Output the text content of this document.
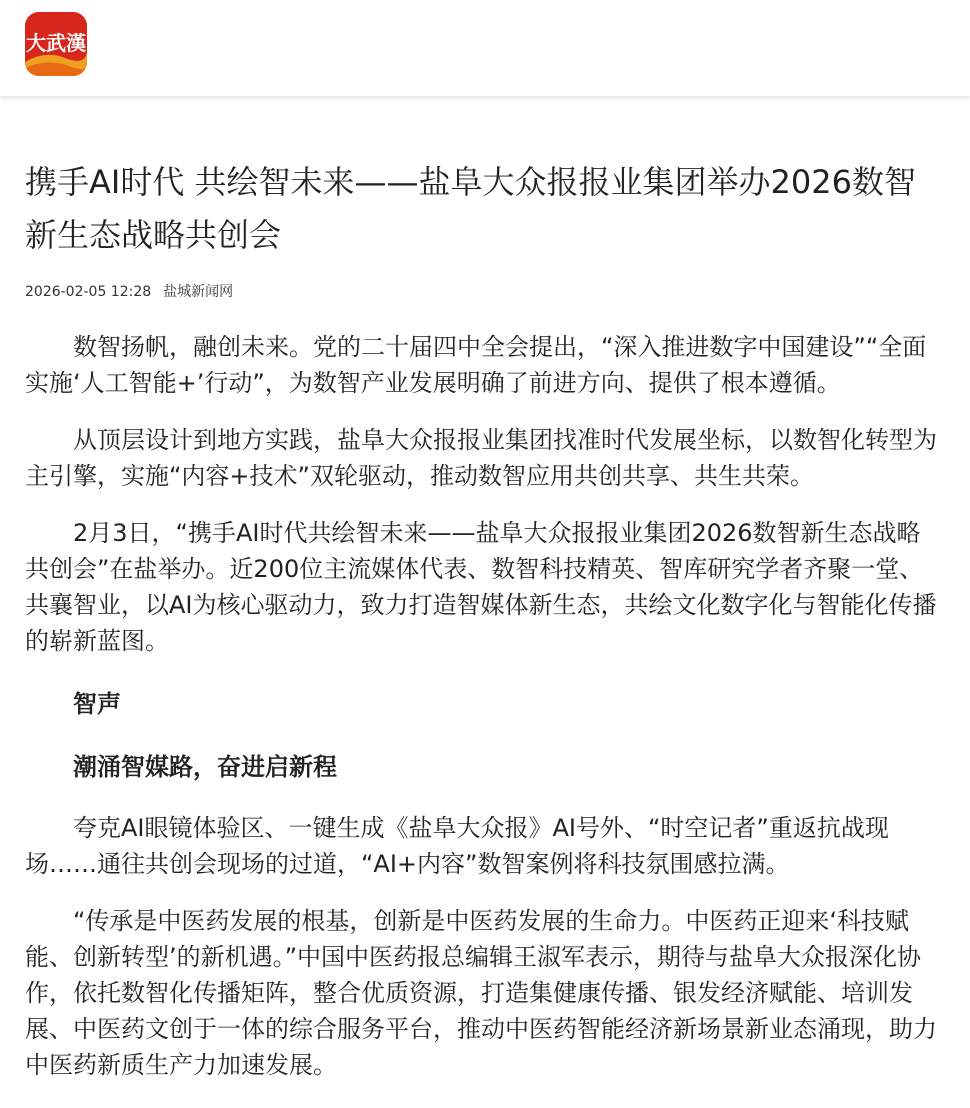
大武漢
携手AI时代 共绘智未来——盐阜大众报报业集团举办2026数智新生态战略共创会
2026-02-05 12:28 盐城新闻网

数智扬帆，融创未来。党的二十届四中全会提出，“深入推进数字中国建设”“全面实施‘人工智能+’行动”，为数智产业发展明确了前进方向、提供了根本遵循。

从顶层设计到地方实践，盐阜大众报报业集团找准时代发展坐标，以数智化转型为主引擎，实施“内容+技术”双轮驱动，推动数智应用共创共享、共生共荣。

2月3日，“携手AI时代共绘智未来——盐阜大众报报业集团2026数智新生态战略共创会”在盐举办。近200位主流媒体代表、数智科技精英、智库研究学者齐聚一堂、共襄智业，以AI为核心驱动力，致力打造智媒体新生态，共绘文化数字化与智能化传播的崭新蓝图。

智声

潮涌智媒路，奋进启新程

夸克AI眼镜体验区、一键生成《盐阜大众报》AI号外、“时空记者”重返抗战现场……通往共创会现场的过道，“AI+内容”数智案例将科技氛围感拉满。

“传承是中医药发展的根基，创新是中医药发展的生命力。中医药正迎来‘科技赋能、创新转型’的新机遇。”中国中医药报总编辑王淑军表示，期待与盐阜大众报深化协作，依托数智化传播矩阵，整合优质资源，打造集健康传播、银发经济赋能、培训发展、中医药文创于一体的综合服务平台，推动中医药智能经济新场景新业态涌现，助力中医药新质生产力加速发展。
